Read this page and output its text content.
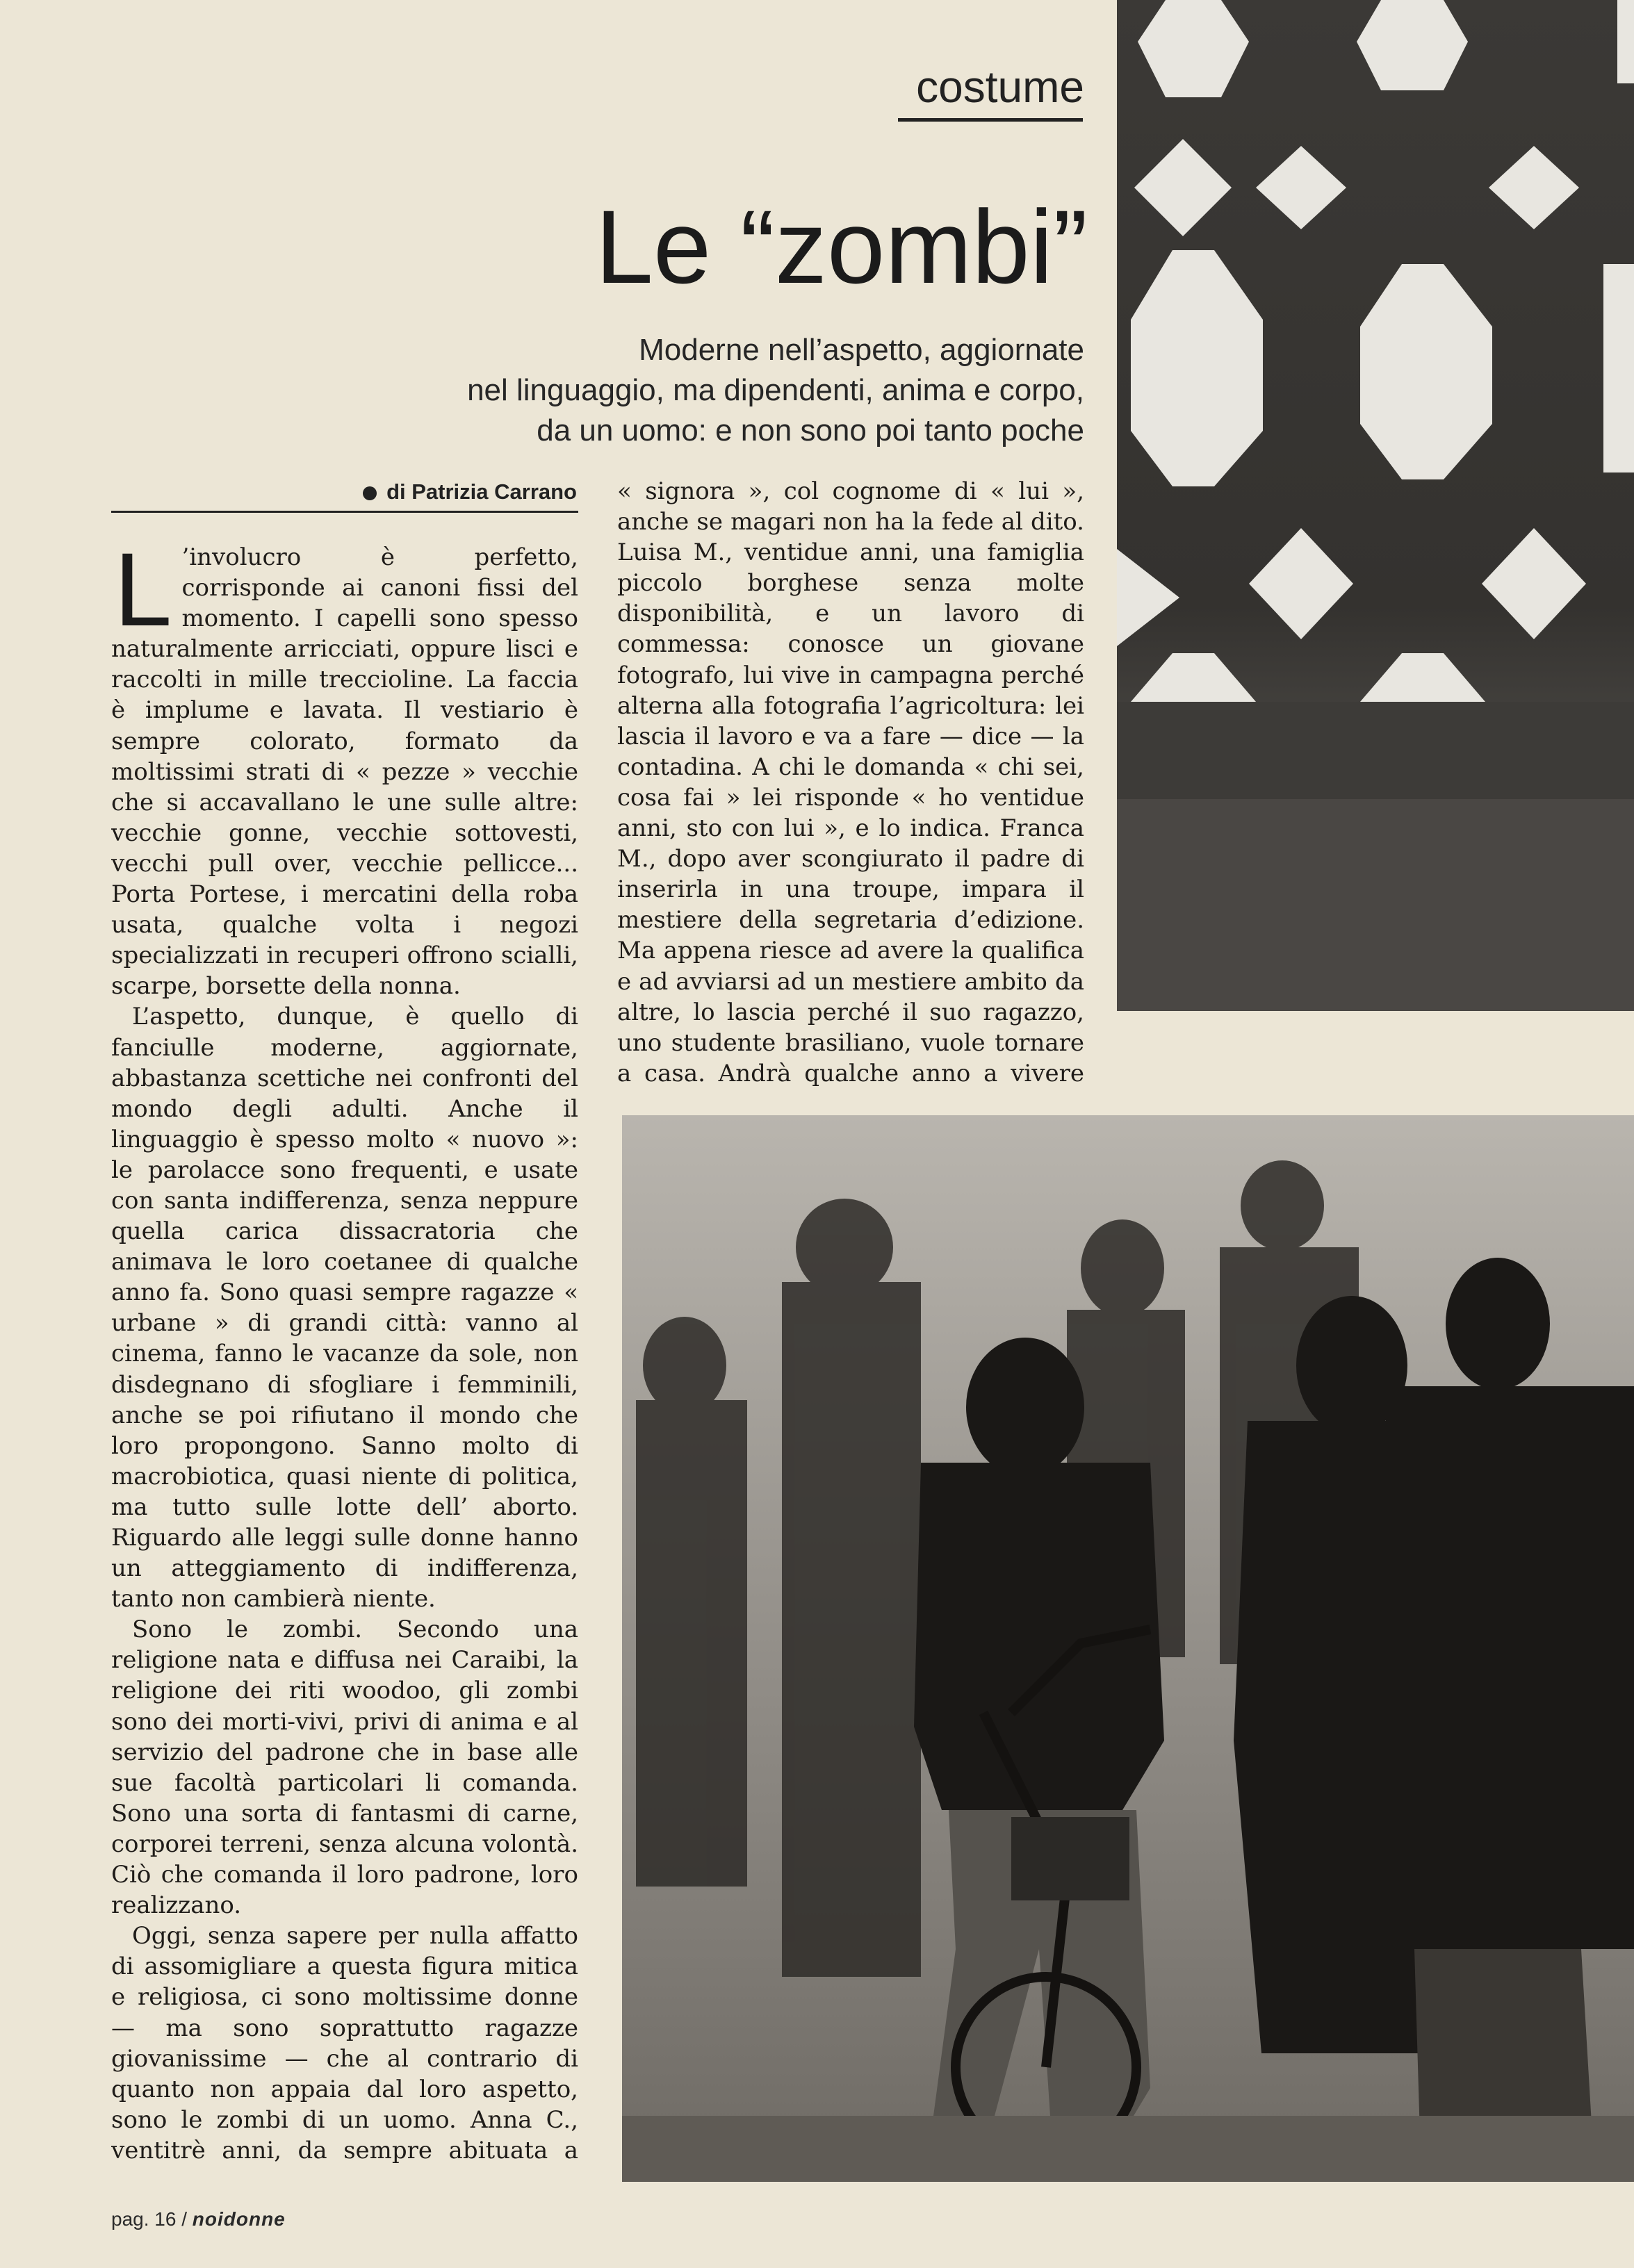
costume
Le “zombi”
Moderne nell’aspetto, aggiornate
nel linguaggio, ma dipendenti, anima e corpo,
da un uomo: e non sono poi tanto poche
di Patrizia Carrano

L ’involucro è perfetto, corrisponde ai canoni fissi del momento. I capelli sono spesso naturalmente arricciati, oppure lisci e raccolti in mille treccioline. La faccia è implume e lavata. Il vestiario è sempre colorato, formato da moltissimi strati di « pezze » vecchie che si accavallano le une sulle altre: vecchie gonne, vecchie sottovesti, vecchi pull over, vecchie pellicce... Porta Portese, i mercatini della roba usata, qualche volta i negozi specializzati in recuperi offrono scialli, scarpe, borsette della nonna.

L’aspetto, dunque, è quello di fanciulle moderne, aggiornate, abbastanza scettiche nei confronti del mondo degli adulti. Anche il linguaggio è spesso molto « nuovo »: le parolacce sono frequenti, e usate con santa indifferenza, senza neppure quella carica dissacratoria che animava le loro coetanee di qualche anno fa. Sono quasi sempre ragazze « urbane » di grandi città: vanno al cinema, fanno le vacanze da sole, non disdegnano di sfogliare i femminili, anche se poi rifiutano il mondo che loro propongono. Sanno molto di macrobiotica, quasi niente di politica, ma tutto sulle lotte dell’ aborto. Riguardo alle leggi sulle donne hanno un atteggiamento di indifferenza, tanto non cambierà niente.

Sono le zombi. Secondo una religione nata e diffusa nei Caraibi, la religione dei riti woodoo, gli zombi sono dei morti-vivi, privi di anima e al servizio del padrone che in base alle sue facoltà particolari li comanda. Sono una sorta di fantasmi di carne, corporei terreni, senza alcuna volontà. Ciò che comanda il loro padrone, loro realizzano.

Oggi, senza sapere per nulla affatto di assomigliare a questa figura mitica e religiosa, ci sono moltissime donne — ma sono soprattutto ragazze giovanissime — che al contrario di quanto non appaia dal loro aspetto, sono le zombi di un uomo. Anna C., ventitrè anni, da sempre abituata a

« signora », col cognome di « lui », anche se magari non ha la fede al dito. Luisa M., ventidue anni, una famiglia piccolo borghese senza molte disponibilità, e un lavoro di commessa: conosce un giovane fotografo, lui vive in campagna perché alterna alla fotografia l’agricoltura: lei lascia il lavoro e va a fare — dice — la contadina. A chi le domanda « chi sei, cosa fai » lei risponde « ho ventidue anni, sto con lui », e lo indica. Franca M., dopo aver scongiurato il padre di inserirla in una troupe, impara il mestiere della segretaria d’edizione. Ma appena riesce ad avere la qualifica e ad avviarsi ad un mestiere ambito da altre, lo lascia perché il suo ragazzo, uno studente brasiliano, vuole tornare a casa. Andrà qualche anno a vivere

pag. 16 / noidonne
